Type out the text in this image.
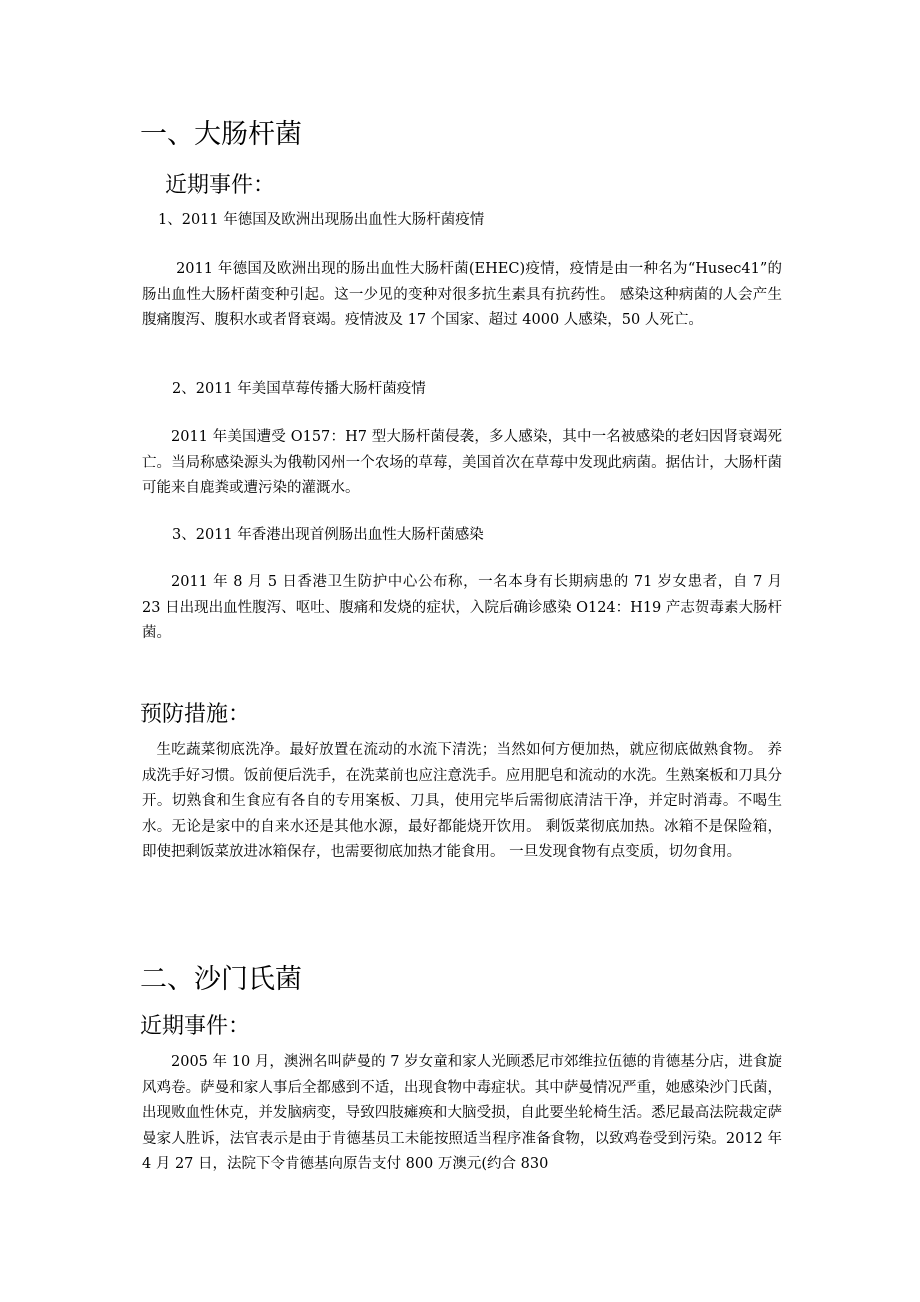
一、大肠杆菌
近期事件：
1、2011 年德国及欧洲出现肠出血性大肠杆菌疫情
2011 年德国及欧洲出现的肠出血性大肠杆菌(EHEC)疫情，疫情是由一种名为“Husec41”的肠出血性大肠杆菌变种引起。这一少见的变种对很多抗生素具有抗药性。 感染这种病菌的人会产生腹痛腹泻、腹积水或者肾衰竭。疫情波及 17 个国家、超过 4000 人感染，50 人死亡。
2、2011 年美国草莓传播大肠杆菌疫情
2011 年美国遭受 O157：H7 型大肠杆菌侵袭，多人感染，其中一名被感染的老妇因肾衰竭死亡。当局称感染源头为俄勒冈州一个农场的草莓，美国首次在草莓中发现此病菌。据估计，大肠杆菌可能来自鹿粪或遭污染的灌溉水。
3、2011 年香港出现首例肠出血性大肠杆菌感染
2011 年 8 月 5 日香港卫生防护中心公布称，一名本身有长期病患的 71 岁女患者，自 7 月 23 日出现出血性腹泻、呕吐、腹痛和发烧的症状，入院后确诊感染 O124：H19 产志贺毒素大肠杆菌。
预防措施：
生吃蔬菜彻底洗净。最好放置在流动的水流下清洗；当然如何方便加热，就应彻底做熟食物。 养成洗手好习惯。饭前便后洗手，在洗菜前也应注意洗手。应用肥皂和流动的水洗。生熟案板和刀具分开。切熟食和生食应有各自的专用案板、刀具，使用完毕后需彻底清洁干净，并定时消毒。不喝生水。无论是家中的自来水还是其他水源，最好都能烧开饮用。 剩饭菜彻底加热。冰箱不是保险箱，即使把剩饭菜放进冰箱保存，也需要彻底加热才能食用。 一旦发现食物有点变质，切勿食用。
二、沙门氏菌
近期事件：
2005 年 10 月，澳洲名叫萨曼的 7 岁女童和家人光顾悉尼市郊维拉伍德的肯德基分店，进食旋风鸡卷。萨曼和家人事后全都感到不适，出现食物中毒症状。其中萨曼情况严重，她感染沙门氏菌，出现败血性休克，并发脑病变，导致四肢瘫痪和大脑受损，自此要坐轮椅生活。悉尼最高法院裁定萨曼家人胜诉，法官表示是由于肯德基员工未能按照适当程序准备食物，以致鸡卷受到污染。2012 年 4 月 27 日，法院下令肯德基向原告支付 800 万澳元(约合 830
